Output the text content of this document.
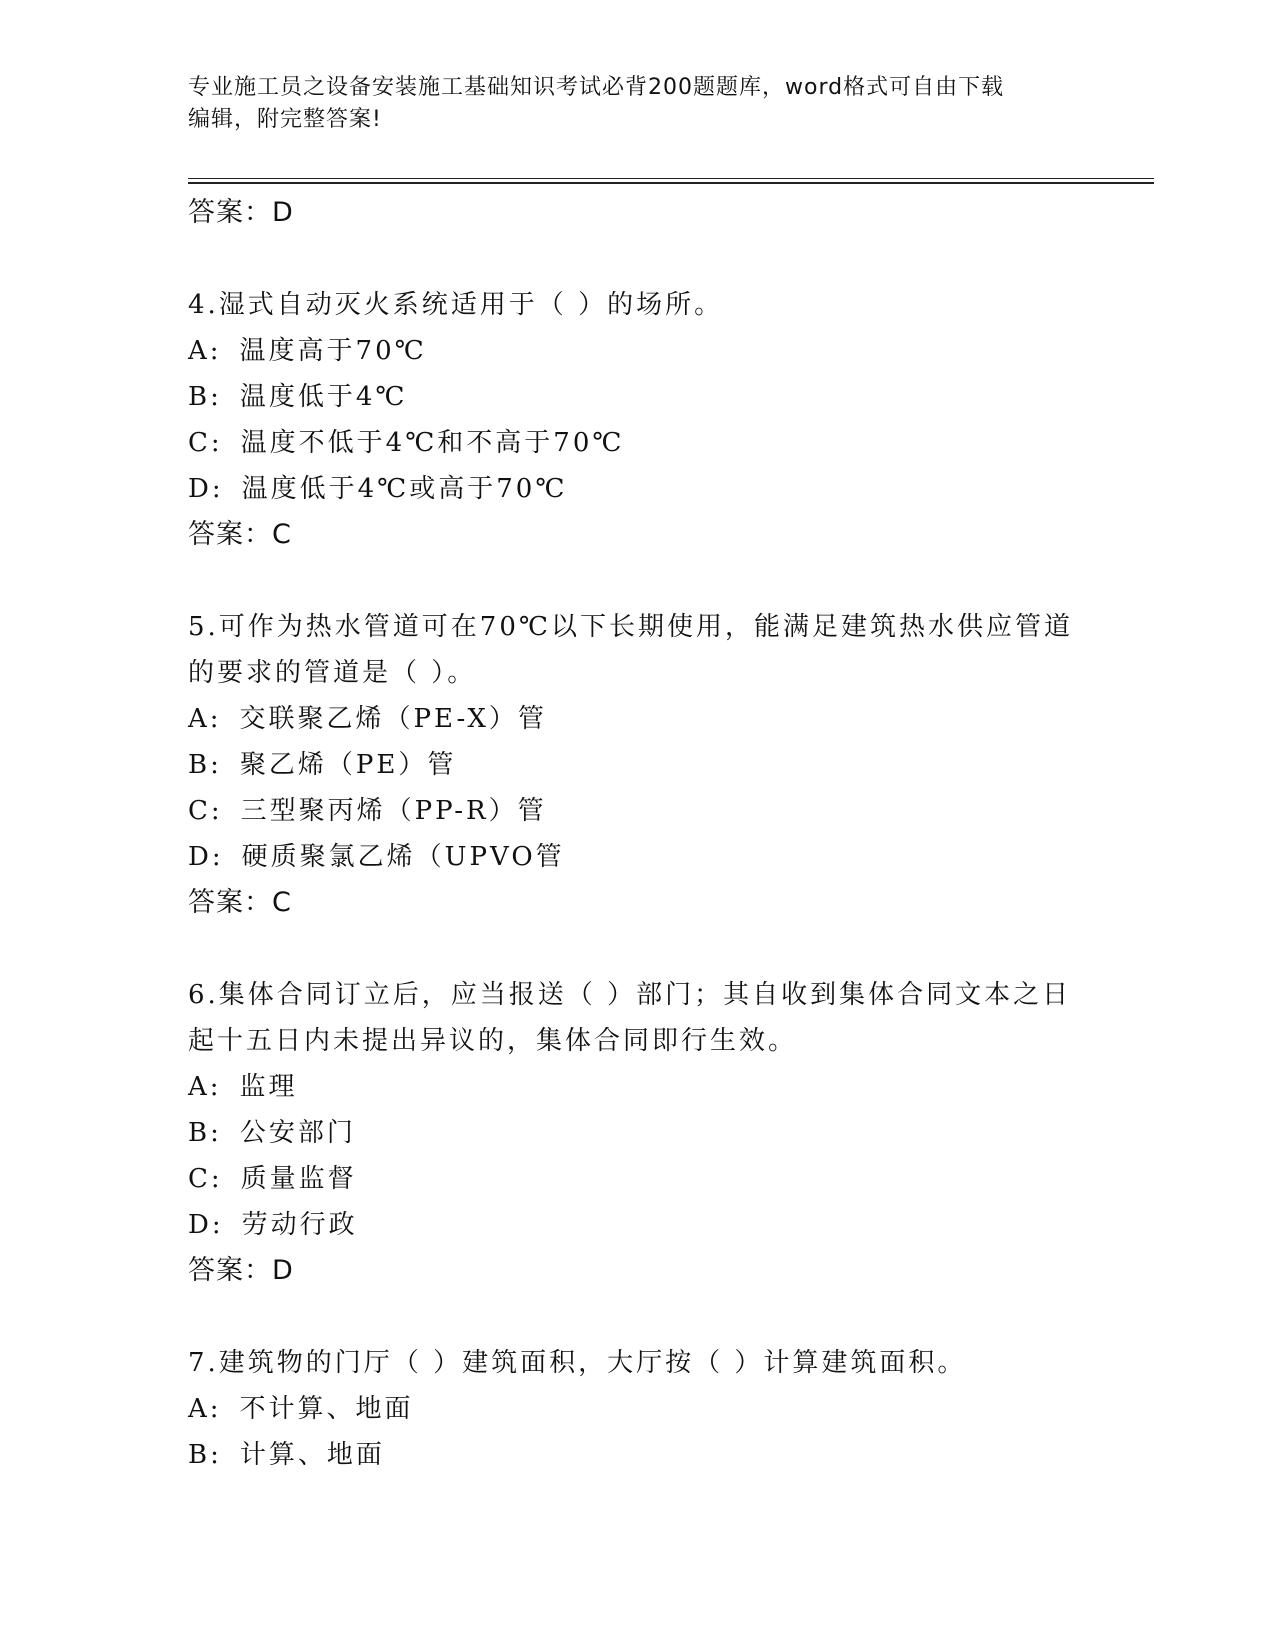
专业施工员之设备安装施工基础知识考试必背200题题库，word格式可自由下载
编辑，附完整答案!
答案：D
4.湿式自动灭火系统适用于（ ）的场所。
A: 温度高于70℃
B: 温度低于4℃
C: 温度不低于4℃和不高于70℃
D: 温度低于4℃或高于70℃
答案：C
5.可作为热水管道可在70℃以下长期使用，能满足建筑热水供应管道
的要求的管道是（ ）。
A: 交联聚乙烯（PE-X）管
B: 聚乙烯（PE）管
C: 三型聚丙烯（PP-R）管
D: 硬质聚氯乙烯（UPVO管
答案：C
6.集体合同订立后，应当报送（ ）部门；其自收到集体合同文本之日
起十五日内未提出异议的，集体合同即行生效。
A: 监理
B: 公安部门
C: 质量监督
D: 劳动行政
答案：D
7.建筑物的门厅（ ）建筑面积，大厅按（ ）计算建筑面积。
A: 不计算、地面
B: 计算、地面
